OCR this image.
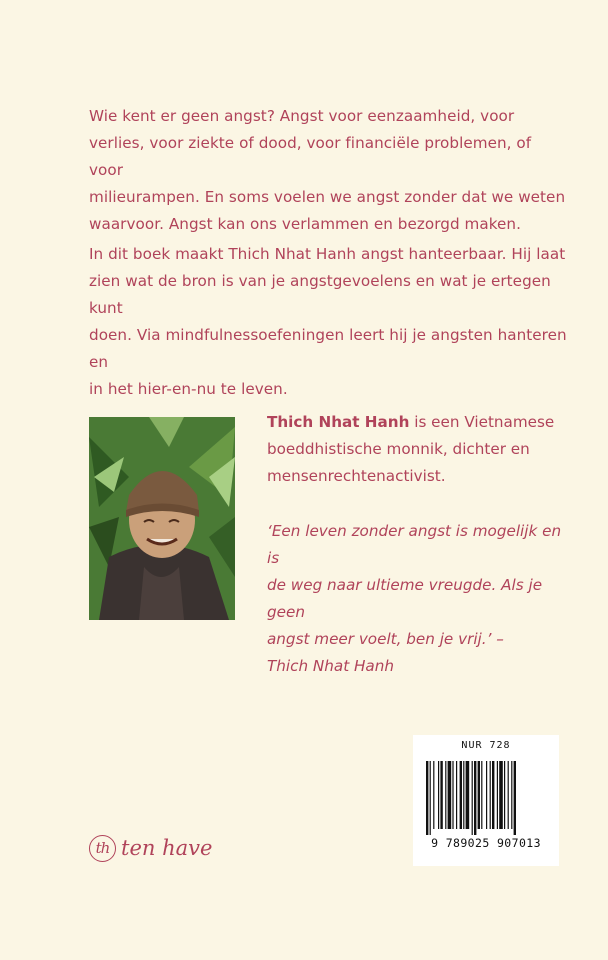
Wie kent er geen angst? Angst voor eenzaamheid, voor
verlies, voor ziekte of dood, voor financiële problemen, of voor
milieurampen. En soms voelen we angst zonder dat we weten
waarvoor. Angst kan ons verlammen en bezorgd maken.

In dit boek maakt Thich Nhat Hanh angst hanteerbaar. Hij laat
zien wat de bron is van je angstgevoelens en wat je ertegen kunt
doen. Via mindfulnessoefeningen leert hij je angsten hanteren en
in het hier-en-nu te leven.

Thich Nhat Hanh is een Vietnamese
boeddhistische monnik, dichter en
mensenrechtenactivist.

‘Een leven zonder angst is mogelijk en is
de weg naar ultieme vreugde. Als je geen
angst meer voelt, ben je vrij.’ –
Thich Nhat Hanh

th ten have
NUR 728
9 789025 907013
